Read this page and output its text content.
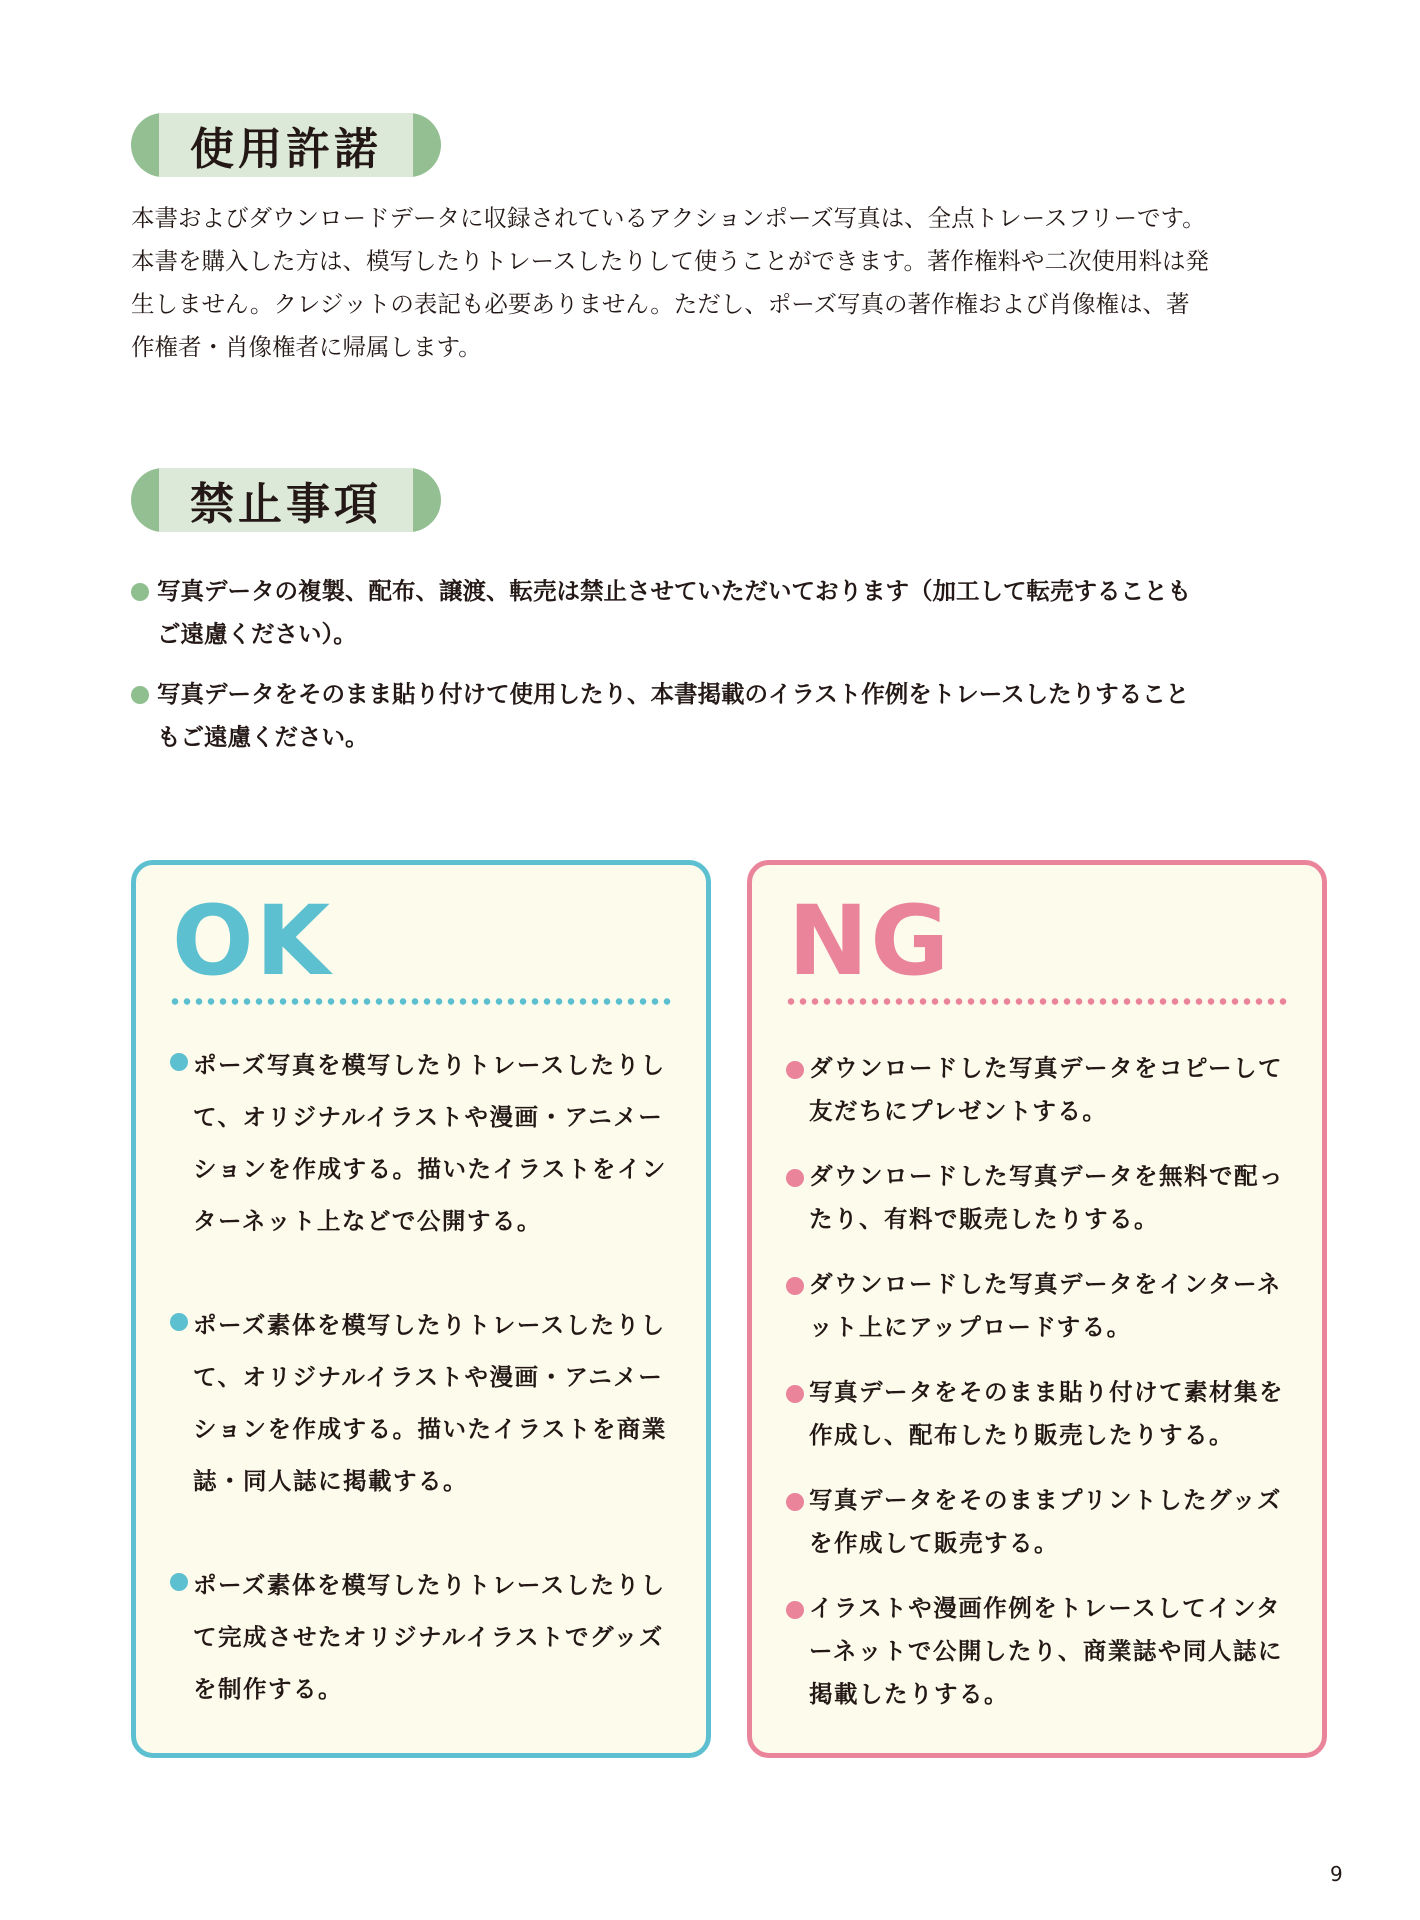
使用許諾

本書およびダウンロードデータに収録されているアクションポーズ写真は、全点トレースフリーです。本書を購入した方は、模写したりトレースしたりして使うことができます。著作権料や二次使用料は発生しません。クレジットの表記も必要ありません。ただし、ポーズ写真の著作権および肖像権は、著作権者・肖像権者に帰属します。

禁止事項
写真データの複製、配布、譲渡、転売は禁止させていただいております（加工して転売することもご遠慮ください）。
写真データをそのまま貼り付けて使用したり、本書掲載のイラスト作例をトレースしたりすることもご遠慮ください。
OK
ポーズ写真を模写したりトレースしたりして、オリジナルイラストや漫画・アニメーションを作成する。描いたイラストをインターネット上などで公開する。
ポーズ素体を模写したりトレースしたりして、オリジナルイラストや漫画・アニメーションを作成する。描いたイラストを商業誌・同人誌に掲載する。
ポーズ素体を模写したりトレースしたりして完成させたオリジナルイラストでグッズを制作する。
NG
ダウンロードした写真データをコピーして友だちにプレゼントする。
ダウンロードした写真データを無料で配ったり、有料で販売したりする。
ダウンロードした写真データをインターネット上にアップロードする。
写真データをそのまま貼り付けて素材集を作成し、配布したり販売したりする。
写真データをそのままプリントしたグッズを作成して販売する。
イラストや漫画作例をトレースしてインターネットで公開したり、商業誌や同人誌に掲載したりする。
9
